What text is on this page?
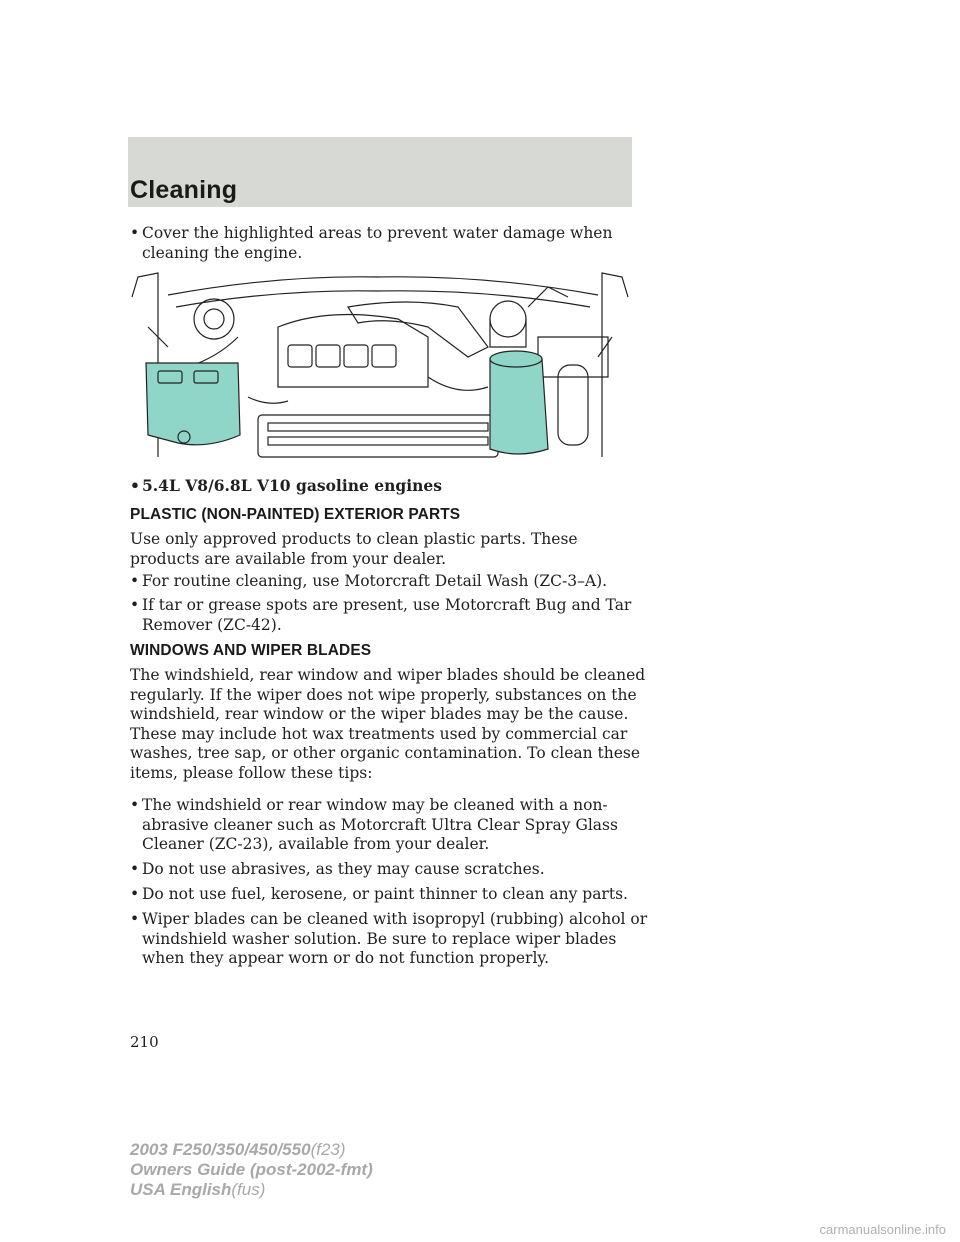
Cleaning
• Cover the highlighted areas to prevent water damage when cleaning the engine.
• 5.4L V8/6.8L V10 gasoline engines
PLASTIC (NON-PAINTED) EXTERIOR PARTS
Use only approved products to clean plastic parts. These products are available from your dealer.
• For routine cleaning, use Motorcraft Detail Wash (ZC-3–A).
• If tar or grease spots are present, use Motorcraft Bug and Tar Remover (ZC-42).
WINDOWS AND WIPER BLADES
The windshield, rear window and wiper blades should be cleaned regularly. If the wiper does not wipe properly, substances on the windshield, rear window or the wiper blades may be the cause. These may include hot wax treatments used by commercial car washes, tree sap, or other organic contamination. To clean these items, please follow these tips:
• The windshield or rear window may be cleaned with a non-abrasive cleaner such as Motorcraft Ultra Clear Spray Glass Cleaner (ZC-23), available from your dealer.
• Do not use abrasives, as they may cause scratches.
• Do not use fuel, kerosene, or paint thinner to clean any parts.
• Wiper blades can be cleaned with isopropyl (rubbing) alcohol or windshield washer solution. Be sure to replace wiper blades when they appear worn or do not function properly.
210
2003 F250/350/450/550(f23)
Owners Guide (post-2002-fmt)
USA English(fus)
carmanualsonline.info
